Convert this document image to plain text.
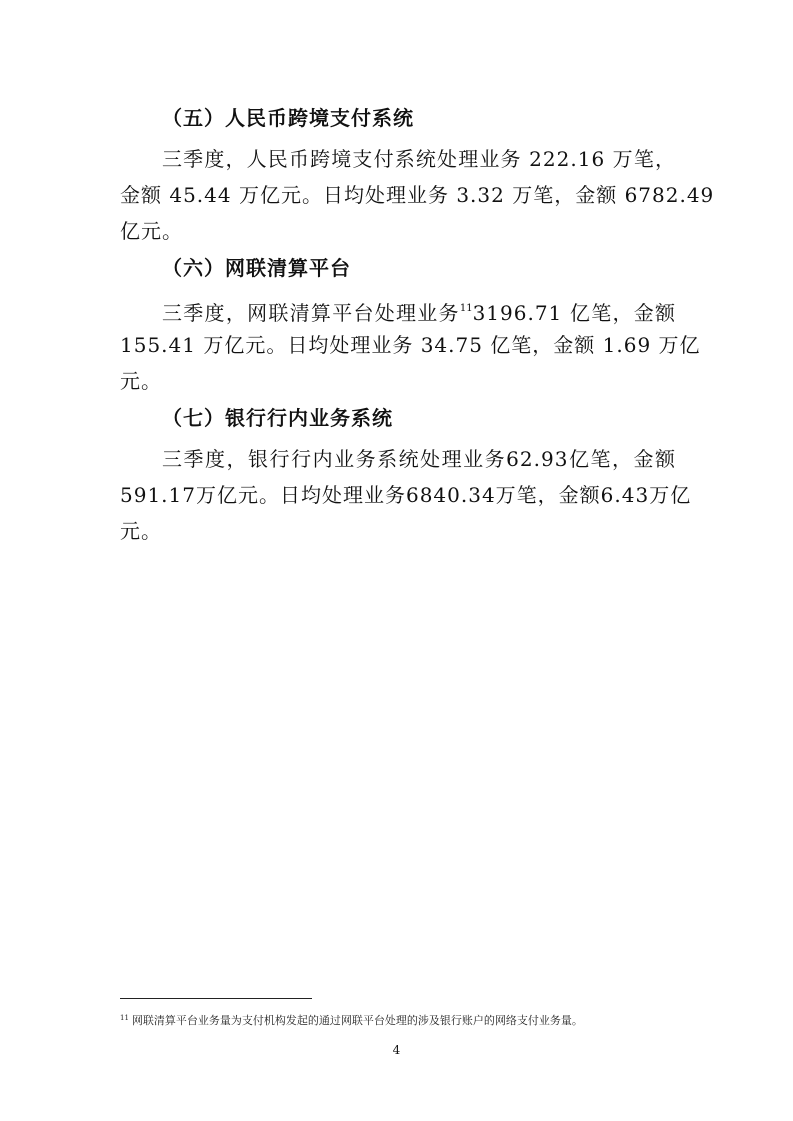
（五）人民币跨境支付系统
三季度，人民币跨境支付系统处理业务 222.16 万笔，
金额 45.44 万亿元。日均处理业务 3.32 万笔，金额 6782.49
亿元。
（六）网联清算平台
三季度，网联清算平台处理业务$^{11}$3196.71 亿笔，金额
155.41 万亿元。日均处理业务 34.75 亿笔，金额 1.69 万亿
元。
（七）银行行内业务系统
三季度，银行行内业务系统处理业务62.93亿笔，金额
591.17万亿元。日均处理业务6840.34万笔，金额6.43万亿
元。
$^{11}$ 网联清算平台业务量为支付机构发起的通过网联平台处理的涉及银行账户的网络支付业务量。
4
